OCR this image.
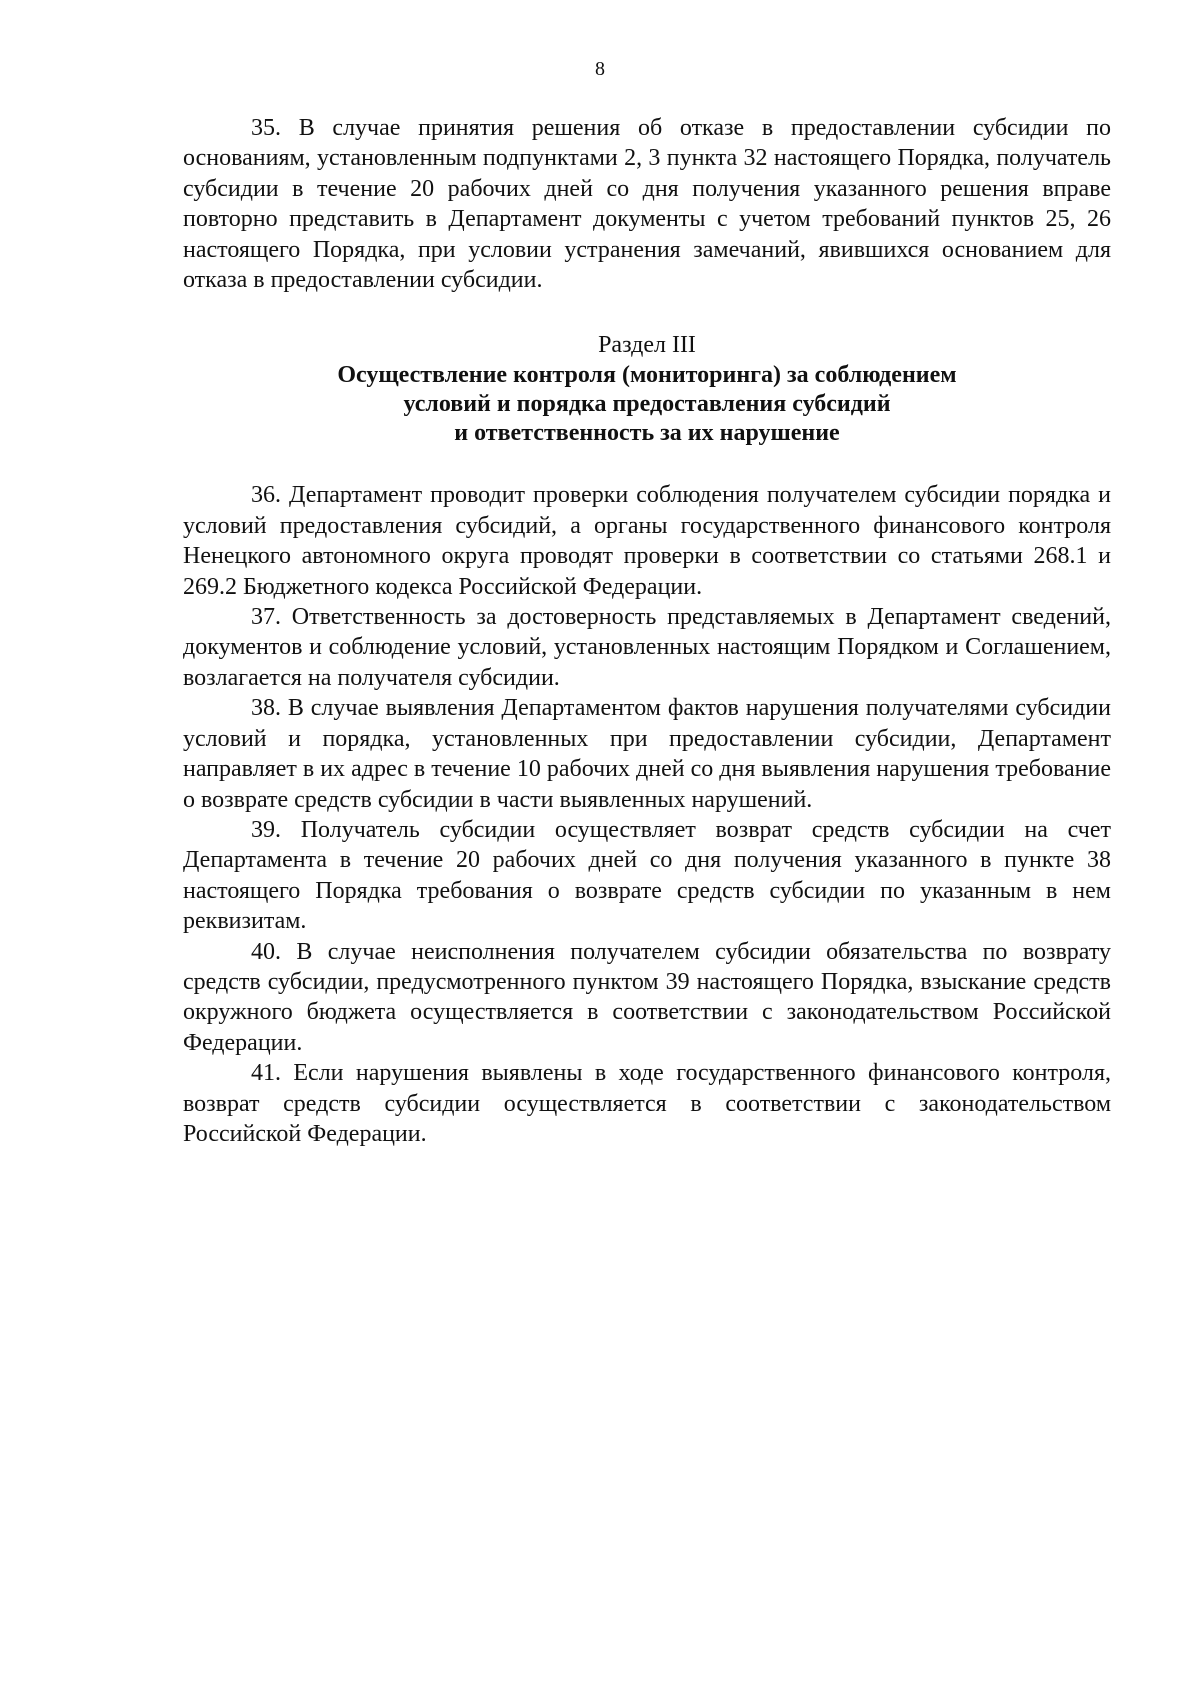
8

35. В случае принятия решения об отказе в предоставлении субсидии по основаниям, установленным подпунктами 2, 3 пункта 32 настоящего Порядка, получатель субсидии в течение 20 рабочих дней со дня получения указанного решения вправе повторно представить в Департамент документы с учетом требований пунктов 25, 26 настоящего Порядка, при условии устранения замечаний, явившихся основанием для отказа в предоставлении субсидии.

Раздел III
Осуществление контроля (мониторинга) за соблюдением
условий и порядка предоставления субсидий
и ответственность за их нарушение

36. Департамент проводит проверки соблюдения получателем субсидии порядка и условий предоставления субсидий, а органы государственного финансового контроля Ненецкого автономного округа проводят проверки в соответствии со статьями 268.1 и 269.2 Бюджетного кодекса Российской Федерации.

37. Ответственность за достоверность представляемых в Департамент сведений, документов и соблюдение условий, установленных настоящим Порядком и Соглашением, возлагается на получателя субсидии.

38. В случае выявления Департаментом фактов нарушения получателями субсидии условий и порядка, установленных при предоставлении субсидии, Департамент направляет в их адрес в течение 10 рабочих дней со дня выявления нарушения требование о возврате средств субсидии в части выявленных нарушений.

39. Получатель субсидии осуществляет возврат средств субсидии на счет Департамента в течение 20 рабочих дней со дня получения указанного в пункте 38 настоящего Порядка требования о возврате средств субсидии по указанным в нем реквизитам.

40. В случае неисполнения получателем субсидии обязательства по возврату средств субсидии, предусмотренного пунктом 39 настоящего Порядка, взыскание средств окружного бюджета осуществляется в соответствии с законодательством Российской Федерации.

41. Если нарушения выявлены в ходе государственного финансового контроля, возврат средств субсидии осуществляется в соответствии с законодательством Российской Федерации.
